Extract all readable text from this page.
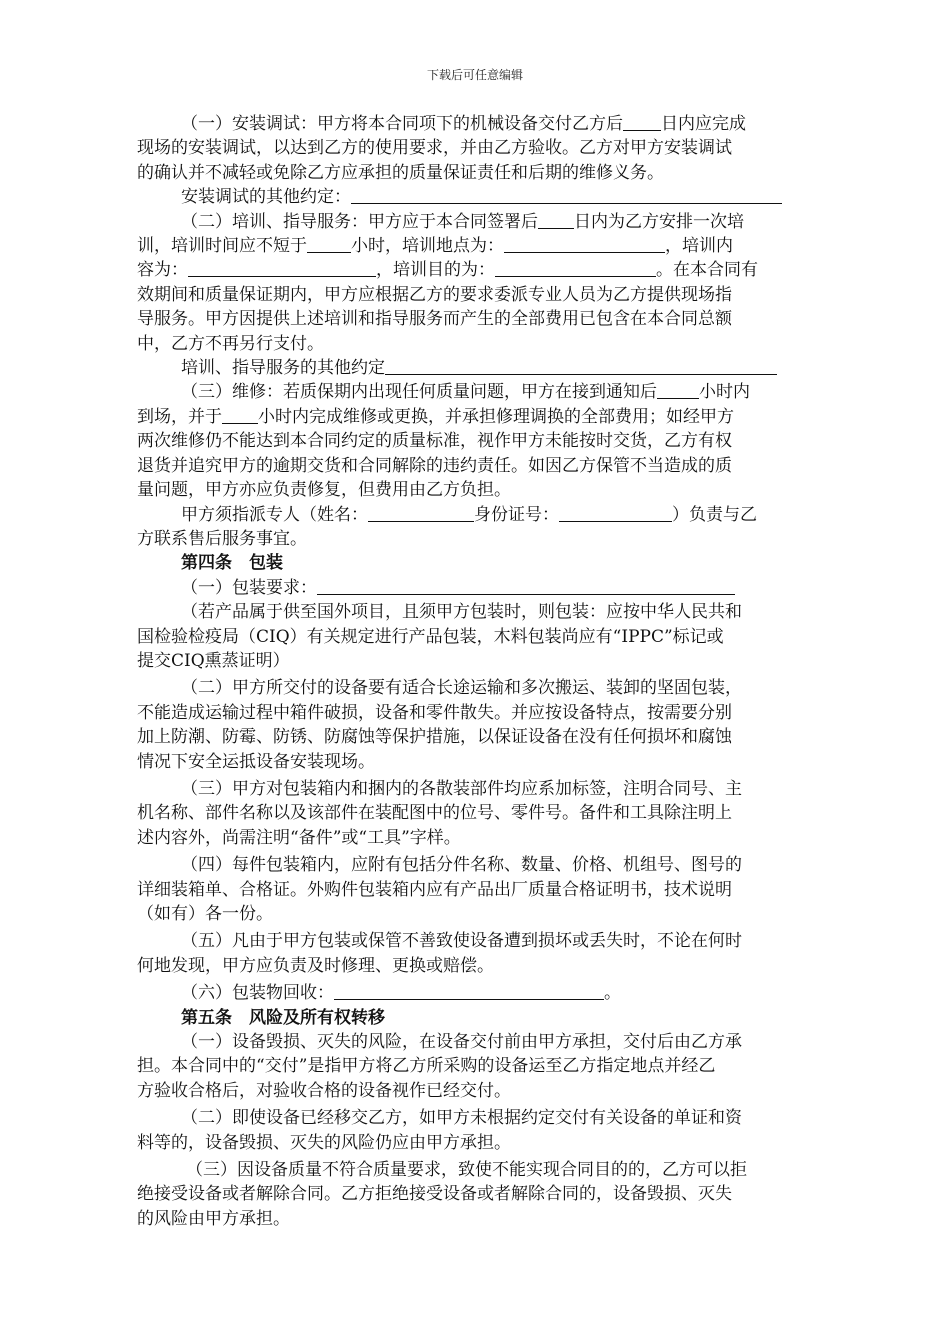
下载后可任意编辑

（一）安装调试：甲方将本合同项下的机械设备交付乙方后 日内应完成

现场的安装调试，以达到乙方的使用要求，并由乙方验收。乙方对甲方安装调试

的确认并不减轻或免除乙方应承担的质量保证责任和后期的维修义务。

安装调试的其他约定：

（二）培训、指导服务：甲方应于本合同签署后 日内为乙方安排一次培

训，培训时间应不短于	小时，培训地点为：	，培训内

容为：	，培训目的为：	。在本合同有

效期间和质量保证期内，甲方应根据乙方的要求委派专业人员为乙方提供现场指

导服务。甲方因提供上述培训和指导服务而产生的全部费用已包含在本合同总额

中，乙方不再另行支付。

培训、指导服务的其他约定

（三）维修：若质保期内出现任何质量问题，甲方在接到通知后 小时内

到场，并于 小时内完成维修或更换，并承担修理调换的全部费用；如经甲方

两次维修仍不能达到本合同约定的质量标准，视作甲方未能按时交货，乙方有权

退货并追究甲方的逾期交货和合同解除的违约责任。如因乙方保管不当造成的质

量问题，甲方亦应负责修复，但费用由乙方负担。

甲方须指派专人（姓名：	身份证号：	）负责与乙

方联系售后服务事宜。

第四条　包装

（一）包装要求：

（若产品属于供至国外项目，且须甲方包装时，则包装：应按中华人民共和

国检验检疫局（CIQ）有关规定进行产品包装，木料包装尚应有“IPPC”标记或

提交CIQ熏蒸证明）

（二）甲方所交付的设备要有适合长途运输和多次搬运、装卸的坚固包装，

不能造成运输过程中箱件破损，设备和零件散失。并应按设备特点，按需要分别

加上防潮、防霉、防锈、防腐蚀等保护措施，以保证设备在没有任何损坏和腐蚀

情况下安全运抵设备安装现场。

（三）甲方对包装箱内和捆内的各散装部件均应系加标签，注明合同号、主

机名称、部件名称以及该部件在装配图中的位号、零件号。备件和工具除注明上

述内容外，尚需注明“备件”或“工具”字样。

（四）每件包装箱内，应附有包括分件名称、数量、价格、机组号、图号的

详细装箱单、合格证。外购件包装箱内应有产品出厂质量合格证明书，技术说明

（如有）各一份。

（五）凡由于甲方包装或保管不善致使设备遭到损坏或丢失时，不论在何时

何地发现，甲方应负责及时修理、更换或赔偿。

（六）包装物回收：	。

第五条　风险及所有权转移

（一）设备毁损、灭失的风险，在设备交付前由甲方承担，交付后由乙方承

担。本合同中的“交付”是指甲方将乙方所采购的设备运至乙方指定地点并经乙

方验收合格后，对验收合格的设备视作已经交付。

（二）即使设备已经移交乙方，如甲方未根据约定交付有关设备的单证和资

料等的，设备毁损、灭失的风险仍应由甲方承担。

（三）因设备质量不符合质量要求，致使不能实现合同目的的，乙方可以拒

绝接受设备或者解除合同。乙方拒绝接受设备或者解除合同的，设备毁损、灭失

的风险由甲方承担。
